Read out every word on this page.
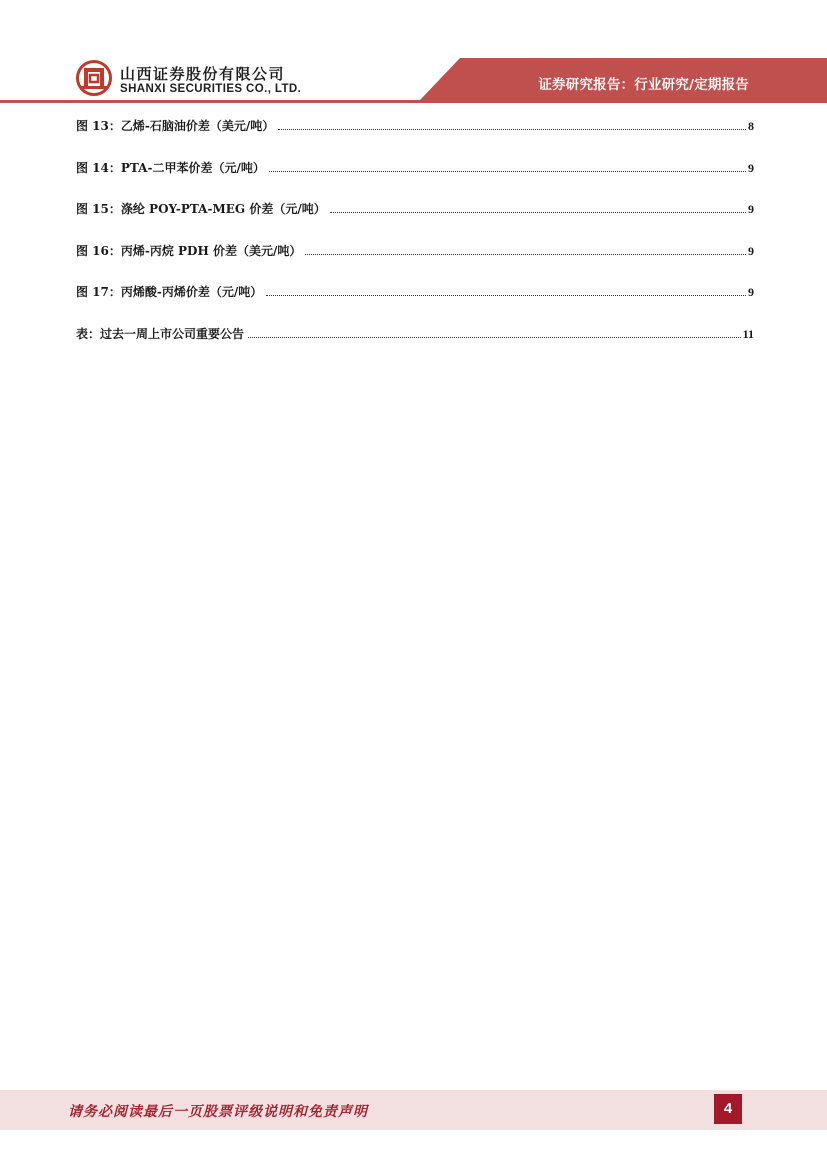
山西证券股份有限公司
SHANXI SECURITIES CO., LTD.	证券研究报告：行业研究/定期报告
图 13：乙烯-石脑油价差（美元/吨）	8
图 14：PTA-二甲苯价差（元/吨）	9
图 15：涤纶 POY-PTA-MEG 价差（元/吨）	9
图 16：丙烯-丙烷 PDH 价差（美元/吨）	9
图 17：丙烯酸-丙烯价差（元/吨）	9
表：过去一周上市公司重要公告	11
请务必阅读最后一页股票评级说明和免责声明	4
